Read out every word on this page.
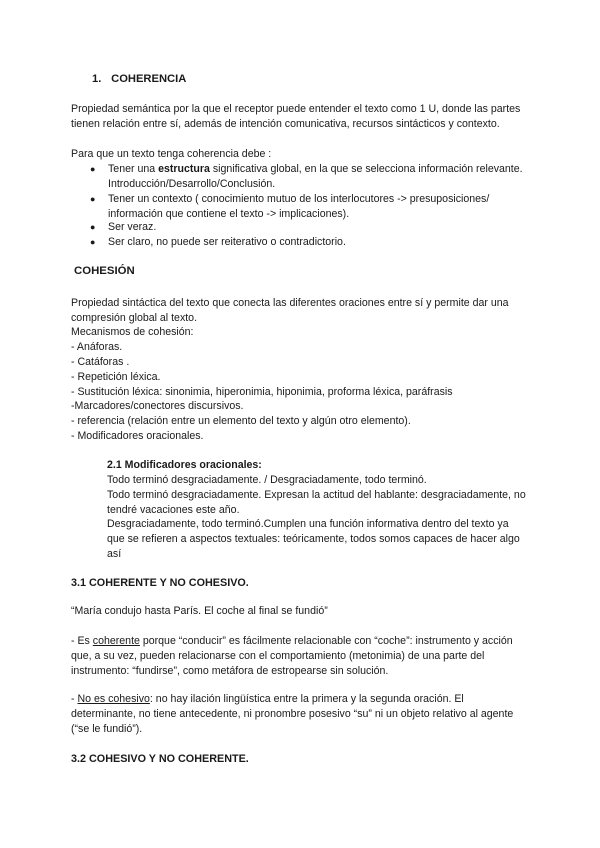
1. COHERENCIA

Propiedad semántica por la que el receptor puede entender el texto como 1 U, donde las partes tienen relación entre sí, además de intención comunicativa, recursos sintácticos y contexto.

Para que un texto tenga coherencia debe :

● Tener una estructura significativa global, en la que se selecciona información relevante. Introducción/Desarrollo/Conclusión.
● Tener un contexto ( conocimiento mutuo de los interlocutores -> presuposiciones/ información que contiene el texto -> implicaciones).
● Ser veraz.
● Ser claro, no puede ser reiterativo o contradictorio.
COHESIÓN

Propiedad sintáctica del texto que conecta las diferentes oraciones entre sí y permite dar una compresión global al texto.

Mecanismos de cohesión:

- Anáforas.

- Catáforas .

- Repetición léxica.

- Sustitución léxica: sinonimia, hiperonimia, hiponimia, proforma léxica, paráfrasis

-Marcadores/conectores discursivos.

- referencia (relación entre un elemento del texto y algún otro elemento).

- Modificadores oracionales.

2.1 Modificadores oracionales:

Todo terminó desgraciadamente. / Desgraciadamente, todo terminó.

Todo terminó desgraciadamente. Expresan la actitud del hablante: desgraciadamente, no tendré vacaciones este año.

Desgraciadamente, todo terminó.Cumplen una función informativa dentro del texto ya que se refieren a aspectos textuales: teóricamente, todos somos capaces de hacer algo así

3.1 COHERENTE Y NO COHESIVO.

“María condujo hasta París. El coche al final se fundió”

- Es coherente porque “conducir” es fácilmente relacionable con “coche”: instrumento y acción que, a su vez, pueden relacionarse con el comportamiento (metonimia) de una parte del instrumento: “fundirse”, como metáfora de estropearse sin solución.

- No es cohesivo: no hay ilación lingüística entre la primera y la segunda oración. El determinante, no tiene antecedente, ni pronombre posesivo “su” ni un objeto relativo al agente (“se le fundió”).

3.2 COHESIVO Y NO COHERENTE.
